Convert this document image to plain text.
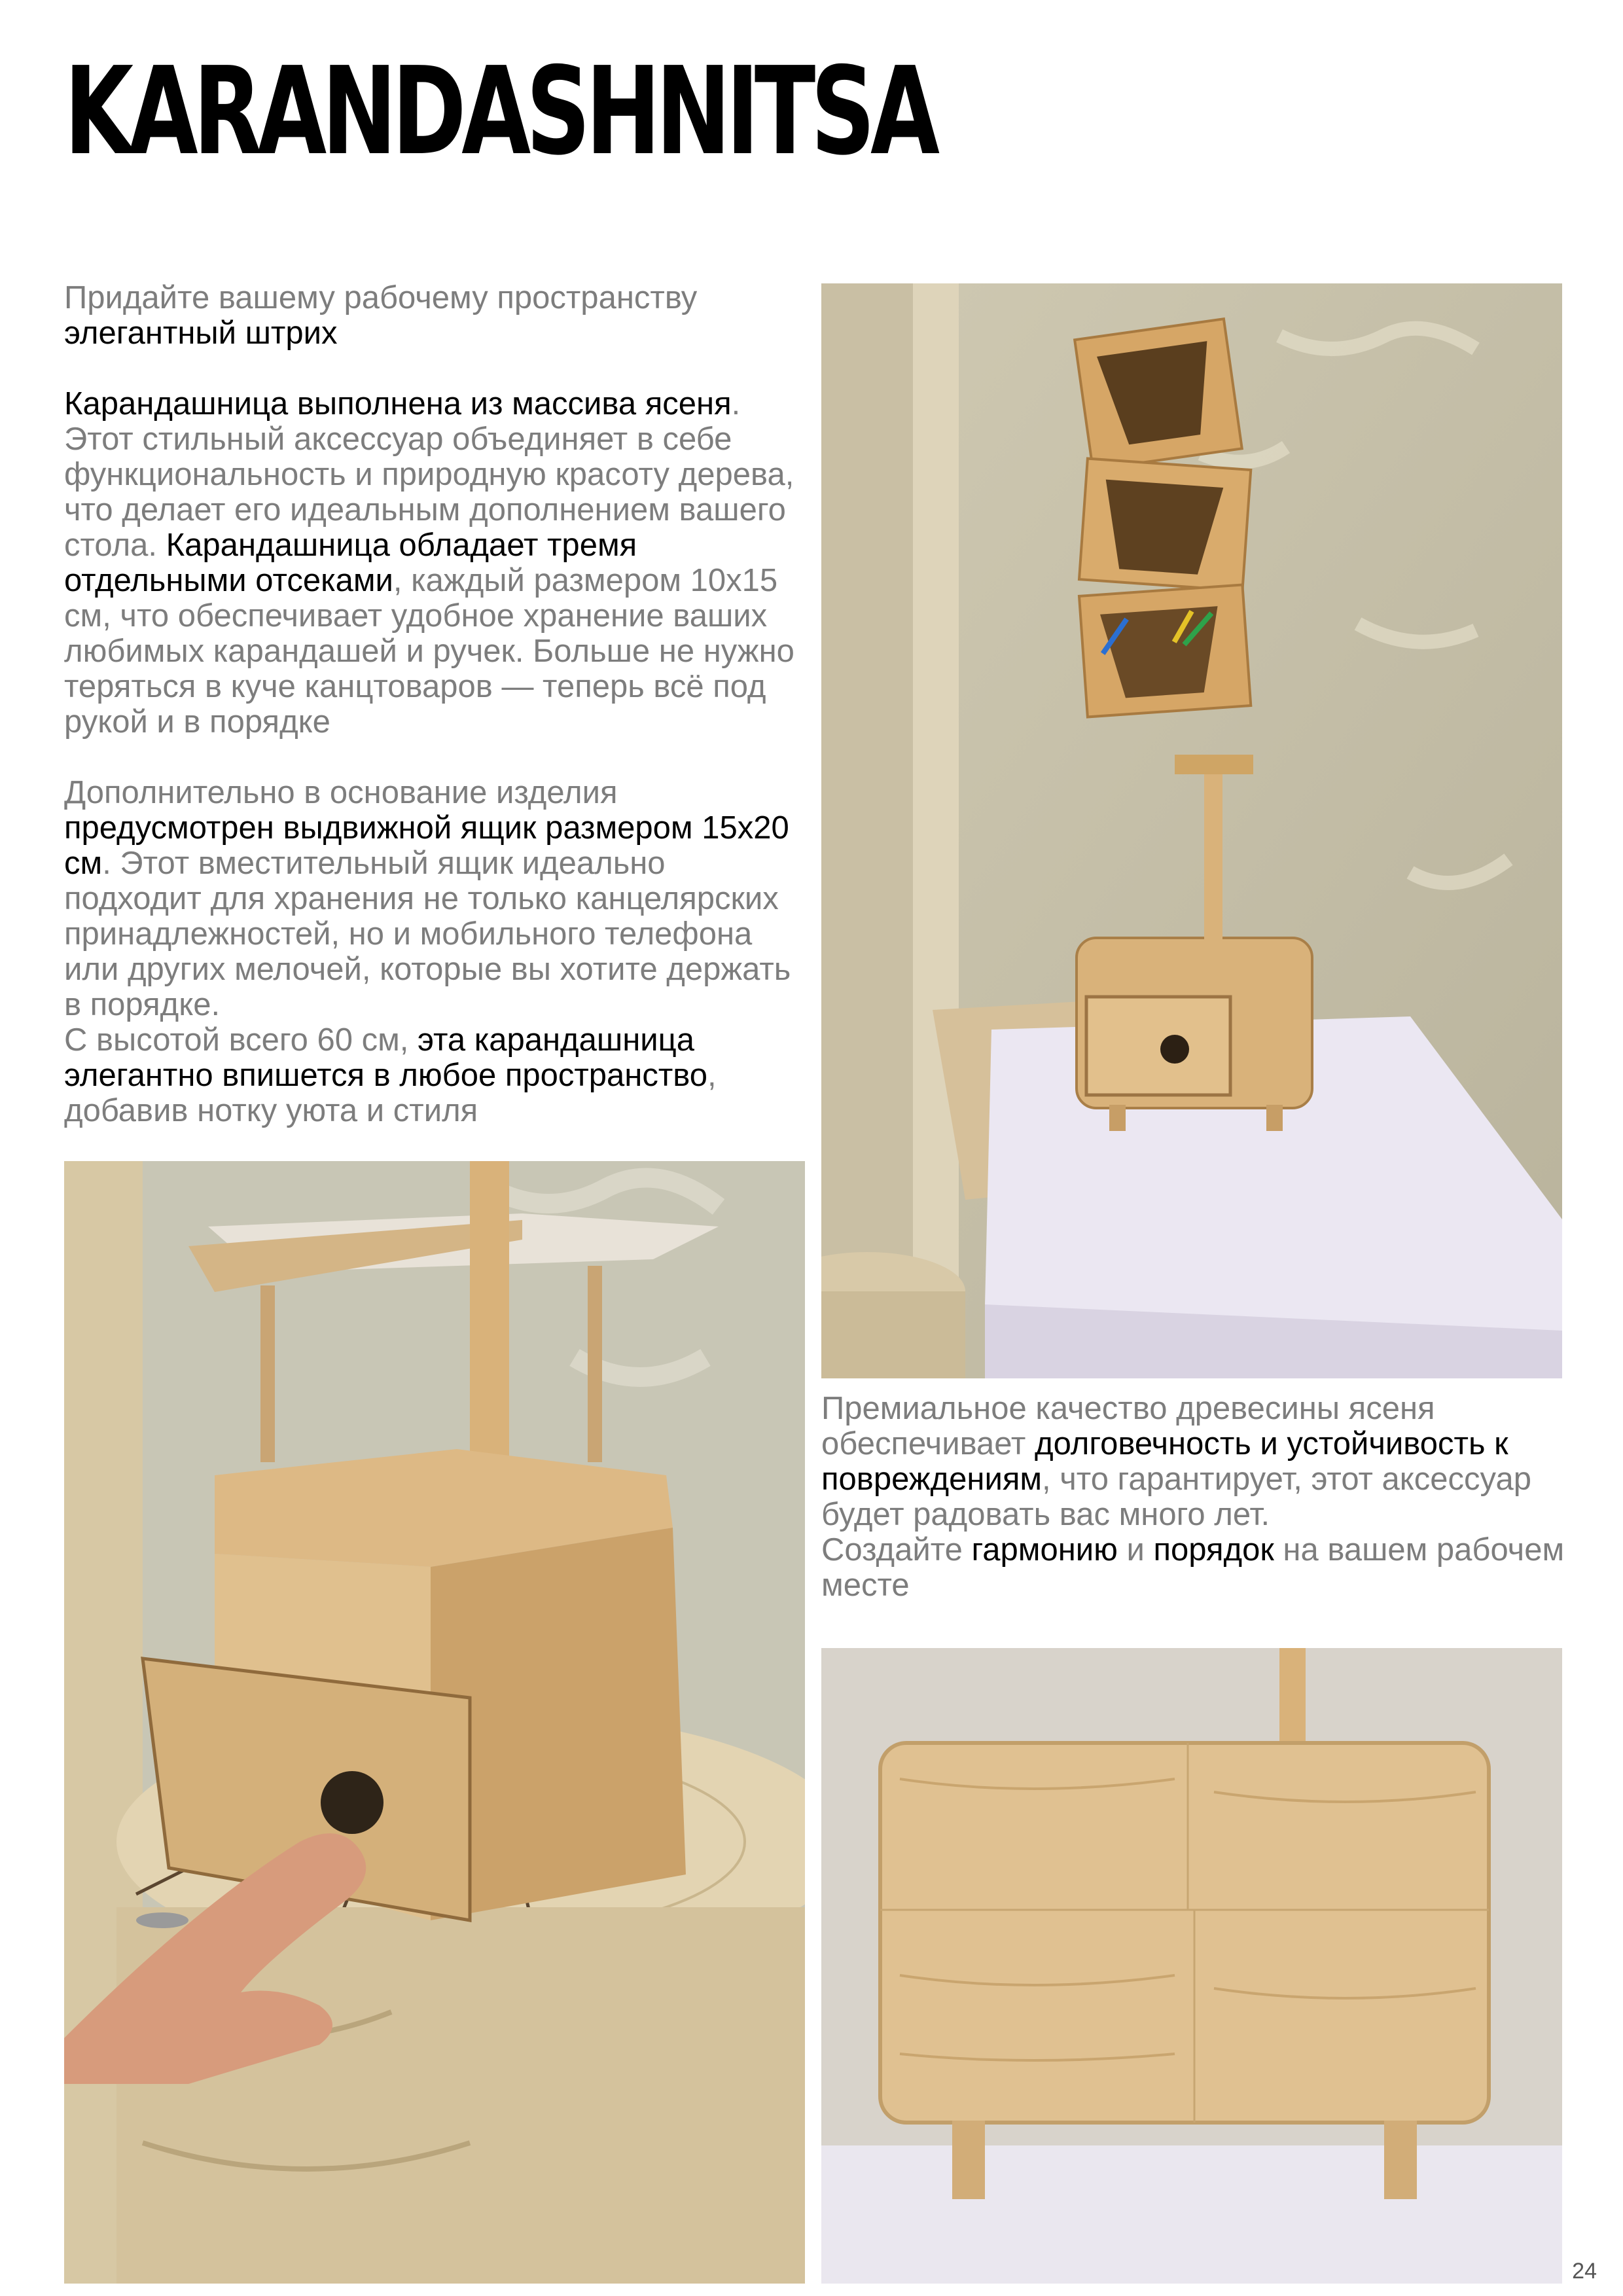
KARANDASHNITSA

Придайте вашему рабочему пространству
элегантный штрих

Карандашница выполнена из массива ясеня. Этот стильный аксессуар объединяет в себе функциональность и природную красоту дерева, что делает его идеальным дополнением вашего стола. Карандашница обладает тремя отдельными отсеками, каждый размером 10х15 см, что обеспечивает удобное хранение ваших любимых карандашей и ручек. Больше не нужно теряться в куче канцтоваров — теперь всё под рукой и в порядке

Дополнительно в основание изделия предусмотрен выдвижной ящик размером 15х20 см. Этот вместительный ящик идеально подходит для хранения не только канцелярских принадлежностей, но и мобильного телефона или других мелочей, которые вы хотите держать в порядке.
С высотой всего 60 см, эта карандашница элегантно впишется в любое пространство, добавив нотку уюта и стиля

Премиальное качество древесины ясеня обеспечивает долговечность и устойчивость к повреждениям, что гарантирует, этот аксессуар будет радовать вас много лет.
Создайте гармонию и порядок на вашем рабочем месте

24
